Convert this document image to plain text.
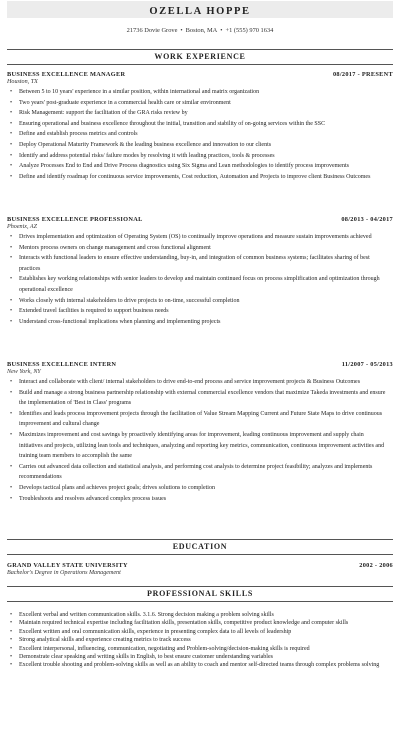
OZELLA HOPPE
21736 Dovie Grove • Boston, MA • +1 (555) 970 1634
WORK EXPERIENCE
BUSINESS EXCELLENCE MANAGER	08/2017 - PRESENT
Houston, TX
• Between 5 to 10 years' experience in a similar position, within international and matrix organization
• Two years' post-graduate experience in a commercial health care or similar environment
• Risk Management: support the facilitation of the GRA risks review by
• Ensuring operational and business excellence throughout the initial, transition and stability of on-going services within the SSC
• Define and establish process metrics and controls
• Deploy Operational Maturity Framework & the leading business excellence and innovation to our clients
• Identify and address potential risks/ failure modes by resolving it with leading practices, tools & processes
• Analyze Processes End to End and Drive Process diagnostics using Six Sigma and Lean methodologies to identify process improvements
• Define and identify roadmap for continuous service improvements, Cost reduction, Automation and Projects to improve client Business Outcomes
BUSINESS EXCELLENCE PROFESSIONAL	08/2013 - 04/2017
Phoenix, AZ
• Drives implementation and optimization of Operating System (OS) to continually improve operations and measure sustain improvements achieved
• Mentors process owners on change management and cross functional alignment
• Interacts with functional leaders to ensure effective understanding, buy-in, and integration of common business systems; facilitates sharing of best practices
• Establishes key working relationships with senior leaders to develop and maintain continued focus on process simplification and optimization through operational excellence
• Works closely with internal stakeholders to drive projects to on-time, successful completion
• Extended travel facilities is required to support business needs
• Understand cross-functional implications when planning and implementing projects
BUSINESS EXCELLENCE INTERN	11/2007 - 05/2013
New York, NY
• Interact and collaborate with client/ internal stakeholders to drive end-to-end process and service improvement projects & Business Outcomes
• Build and manage a strong business partnership relationship with external commercial excellence vendors that maximize Takeda investments and ensure the implementation of 'Best in Class' programs
• Identifies and leads process improvement projects through the facilitation of Value Stream Mapping Current and Future State Maps to drive continuous improvement and cultural change
• Maximizes improvement and cost savings by proactively identifying areas for improvement, leading continuous improvement and supply chain initiatives and projects, utilizing lean tools and techniques, analyzing and reporting key metrics, communication, continuous improvement activities and training team members to accomplish the same
• Carries out advanced data collection and statistical analysis, and performing cost analysis to determine project feasibility; analyzes and implements recommendations
• Develops tactical plans and achieves project goals; drives solutions to completion
• Troubleshoots and resolves advanced complex process issues
EDUCATION
GRAND VALLEY STATE UNIVERSITY	2002 - 2006
Bachelor's Degree in Operations Management
PROFESSIONAL SKILLS
• Excellent verbal and written communication skills. 3.1.6. Strong decision making a problem solving skills
• Maintain required technical expertise including facilitation skills, presentation skills, competitive product knowledge and computer skills
• Excellent written and oral communication skills, experience in presenting complex data to all levels of leadership
• Strong analytical skills and experience creating metrics to track success
• Excellent interpersonal, influencing, communication, negotiating and Problem-solving/decision-making skills is required
• Demonstrate clear speaking and writing skills in English, to best ensure customer understanding variables
• Excellent trouble shooting and problem-solving skills as well as an ability to coach and mentor self-directed teams through complex problems solving
